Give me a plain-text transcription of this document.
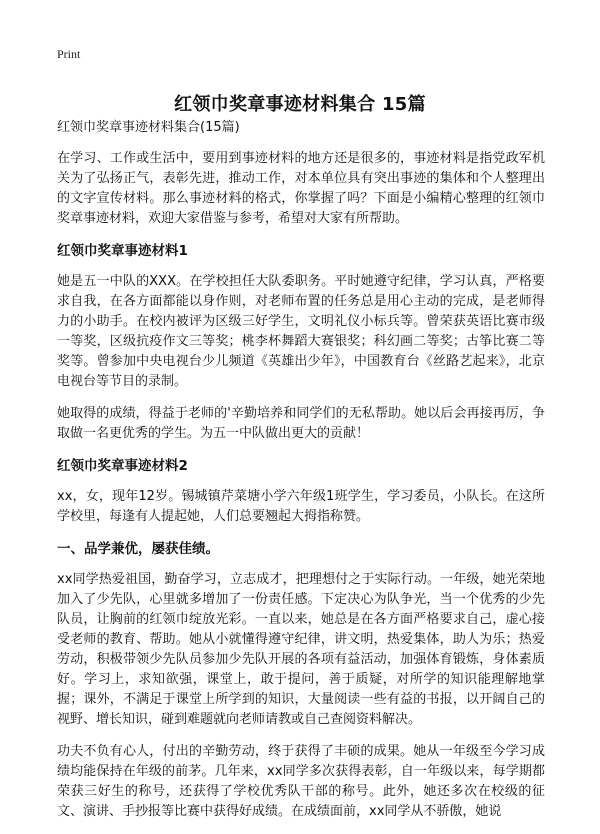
Print
红领巾奖章事迹材料集合 15篇
红领巾奖章事迹材料集合(15篇)

在学习、工作或生活中，要用到事迹材料的地方还是很多的，事迹材料是指党政军机关为了弘扬正气，表彰先进，推动工作，对本单位具有突出事迹的集体和个人整理出的文字宣传材料。那么事迹材料的格式，你掌握了吗？下面是小编精心整理的红领巾奖章事迹材料，欢迎大家借鉴与参考，希望对大家有所帮助。

红领巾奖章事迹材料1

她是五一中队的XXX。在学校担任大队委职务。平时她遵守纪律，学习认真，严格要求自我，在各方面都能以身作则，对老师布置的任务总是用心主动的完成，是老师得力的小助手。在校内被评为区级三好学生，文明礼仪小标兵等。曾荣获英语比赛市级一等奖，区级抗疫作文三等奖；桃李杯舞蹈大赛银奖；科幻画二等奖；古筝比赛二等奖等。曾参加中央电视台少儿频道《英雄出少年》，中国教育台《丝路艺起来》，北京电视台等节目的录制。

她取得的成绩，得益于老师的'辛勤培养和同学们的无私帮助。她以后会再接再厉，争取做一名更优秀的学生。为五一中队做出更大的贡献！

红领巾奖章事迹材料2

xx，女，现年12岁。锡城镇芹菜塘小学六年级1班学生，学习委员，小队长。在这所学校里，每逢有人提起她，人们总要翘起大拇指称赞。

一、品学兼优，屡获佳绩。

xx同学热爱祖国，勤奋学习，立志成才，把理想付之于实际行动。一年级，她光荣地加入了少先队，心里就多增加了一份责任感。下定决心为队争光，当一个优秀的少先队员，让胸前的红领巾绽放光彩。一直以来，她总是在各方面严格要求自己，虚心接受老师的教育、帮助。她从小就懂得遵守纪律，讲文明，热爱集体，助人为乐；热爱劳动，积极带领少先队员参加少先队开展的各项有益活动，加强体育锻炼，身体素质好。学习上，求知欲强，课堂上，敢于提问，善于质疑，对所学的知识能理解地掌握；课外，不满足于课堂上所学到的知识，大量阅读一些有益的书报，以开阔自己的视野、增长知识，碰到难题就向老师请教或自己查阅资料解决。

功夫不负有心人，付出的辛勤劳动，终于获得了丰硕的成果。她从一年级至今学习成绩均能保持在年级的前茅。几年来，xx同学多次获得表彰，自一年级以来，每学期都荣获三好生的称号，还获得了学校优秀队干部的称号。此外，她还多次在校级的征文、演讲、手抄报等比赛中获得好成绩。在成绩面前，xx同学从不骄傲，她说
